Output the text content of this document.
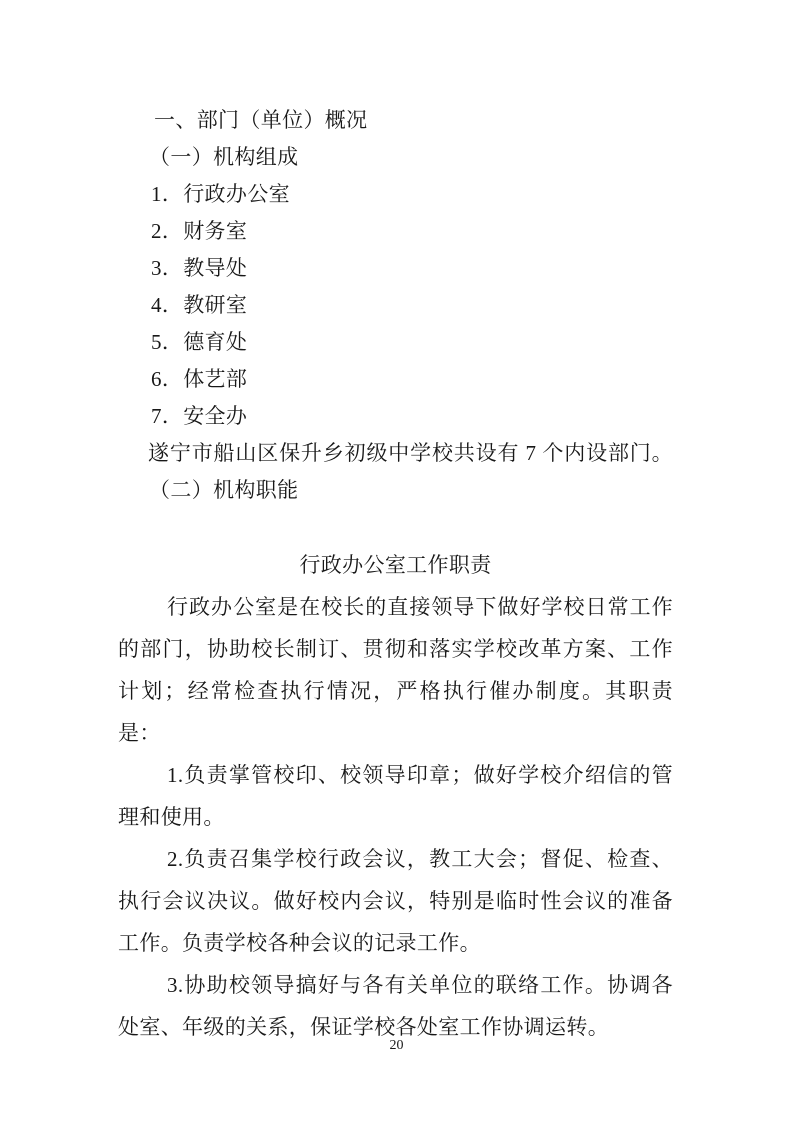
一、部门（单位）概况
（一）机构组成
1．行政办公室
2．财务室
3．教导处
4．教研室
5．德育处
6．体艺部
7．安全办
遂宁市船山区保升乡初级中学校共设有 7 个内设部门。
（二）机构职能
行政办公室工作职责

行政办公室是在校长的直接领导下做好学校日常工作的部门，协助校长制订、贯彻和落实学校改革方案、工作计划；经常检查执行情况，严格执行催办制度。其职责是：

1.负责掌管校印、校领导印章；做好学校介绍信的管理和使用。

2.负责召集学校行政会议，教工大会；督促、检查、执行会议决议。做好校内会议，特别是临时性会议的准备工作。负责学校各种会议的记录工作。

3.协助校领导搞好与各有关单位的联络工作。协调各处室、年级的关系，保证学校各处室工作协调运转。

20
